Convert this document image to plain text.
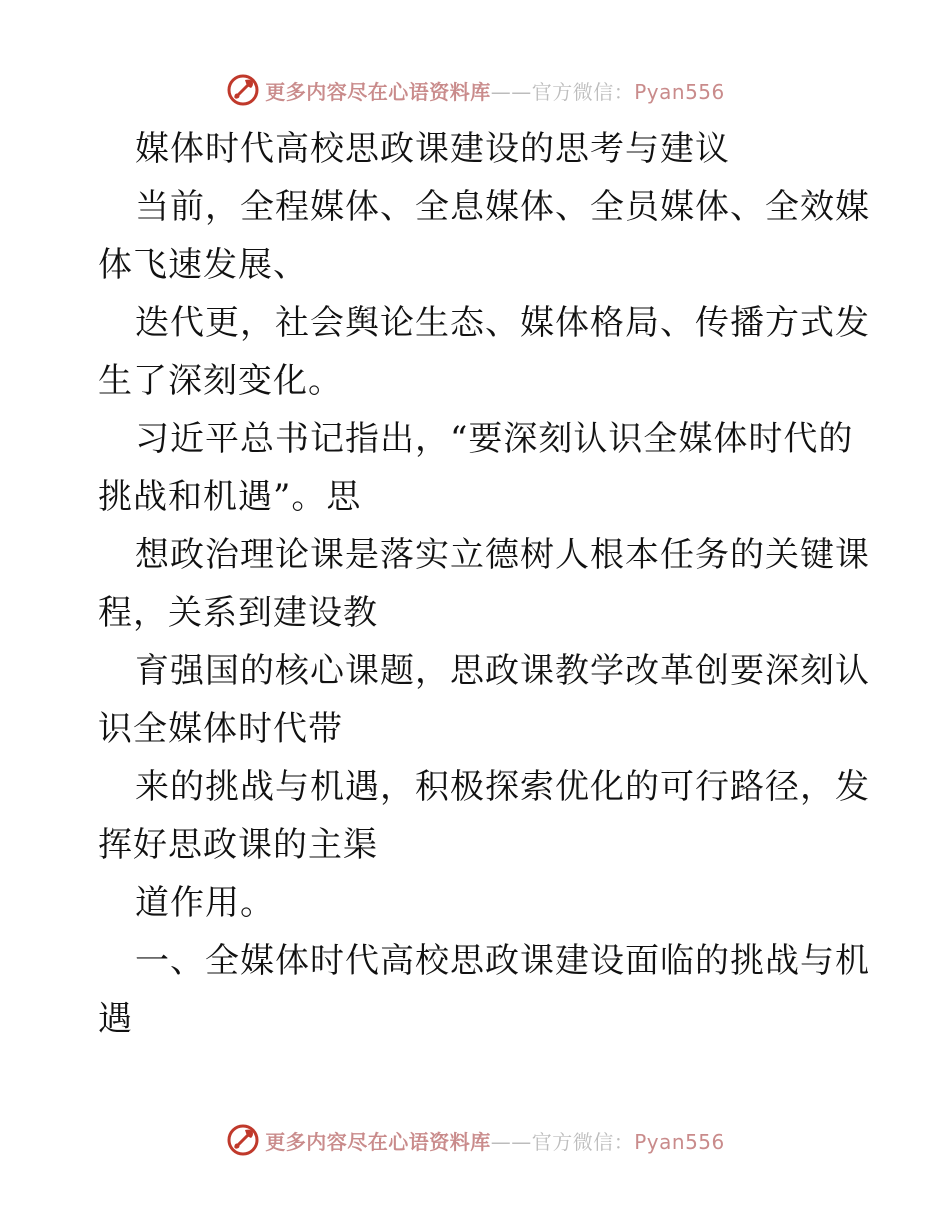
更多内容尽在心语资料库——官方微信：Pyan556
媒体时代高校思政课建设的思考与建议
当前，全程媒体、全息媒体、全员媒体、全效媒
体飞速发展、
迭代更，社会舆论生态、媒体格局、传播方式发
生了深刻变化。
习近平总书记指出，“要深刻认识全媒体时代的
挑战和机遇”。思
想政治理论课是落实立德树人根本任务的关键课
程，关系到建设教
育强国的核心课题，思政课教学改革创要深刻认
识全媒体时代带
来的挑战与机遇，积极探索优化的可行路径，发
挥好思政课的主渠
道作用。
一、全媒体时代高校思政课建设面临的挑战与机
遇
更多内容尽在心语资料库——官方微信：Pyan556
